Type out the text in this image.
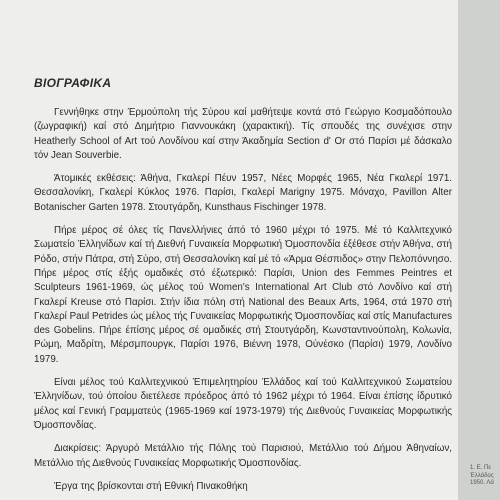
ΒΙΟΓΡΑΦΙΚΑ

Γεννήθηκε στην Έρμούπολη τής Σύρου καί μαθήτεψε κοντά στό Γεώργιο Κοσμαδόπουλο (ζωγραφική) καί στό Δημήτριο Γιαννουκάκη (χαρακτική). Τίς σπουδές της συνέχισε στην Heatherly School of Art τού Λονδίνου καί στην Άκαδημία Section d' Or στό Παρίσι μέ δάσκαλο τόν Jean Souverbie.

Άτομικές εκθέσεις: Άθήνα, Γκαλερί Πέυν 1957, Νέες Μορφές 1965, Νέα Γκαλερί 1971. Θεσσαλονίκη, Γκαλερί Κύκλος 1976. Παρίσι, Γκαλερί Marigny 1975. Μόναχο, Pavillon Alter Botanischer Garten 1978. Στουτγάρδη, Kunsthaus Fischinger 1978.

Πήρε μέρος σέ όλες τίς Πανελλήνιες άπό τό 1960 μέχρι τό 1975. Μέ τό Καλλιτεχνικό Σωματείο Έλληνίδων καί τή Διεθνή Γυναικεία Μορφωτική Όμοσπονδία έξέθεσε στήν Άθήνα, στή Ρόδο, στήν Πάτρα, στή Σύρο, στή Θεσσαλονίκη καί μέ τό «Άρμα Θέσπιδος» στην Πελοπόννησο. Πήρε μέρος στίς έξής ομαδικές στό έξωτερικό: Παρίσι, Union des Femmes Peintres et Sculpteurs 1961-1969, ώς μέλος τού Women's International Art Club στό Λονδίνο καί στή Γκαλερί Kreuse στό Παρίσι. Στήν ίδια πόλη στή National des Beaux Arts, 1964, στά 1970 στή Γκαλερί Paul Petrides ώς μέλος τής Γυναικείας Μορφωτικής Όμοσπονδίας καί στίς Manufactures des Gobelins. Πήρε έπίσης μέρος σέ ομαδικές στή Στουτγάρδη, Κωνσταντινούπολη, Κολωνία, Ρώμη, Μαδρίτη, Μέρσμπουργκ, Παρίσι 1976, Βιέννη 1978, Ούνέσκο (Παρίσι) 1979, Λονδίνο 1979.

Είναι μέλος τού Καλλιτεχνικού Έπιμελητηρίου Έλλάδος καί τού Καλλιτεχνικού Σωματείου Έλληνίδων, τού όποίου διετέλεσε πρόεδρος άπό τό 1962 μέχρι τό 1964. Είναι έπίσης ίδρυτικό μέλος καί Γενική Γραμματεύς (1965-1969 καί 1973-1979) τής Διεθνούς Γυναικείας Μορφωτικής Όμοσπονδίας.

Διακρίσεις: Άργυρό Μετάλλιο τής Πόλης τού Παρισιού, Μετάλλιο τού Δήμου Άθηναίων, Μετάλλιο τής Διεθνούς Γυναικείας Μορφωτικής Όμοσπονδίας.

Έργα της βρίσκονται στή Εθνική Πινακοθήκη

1. Ε. Πε
Έλλάδος
1950. Λά
